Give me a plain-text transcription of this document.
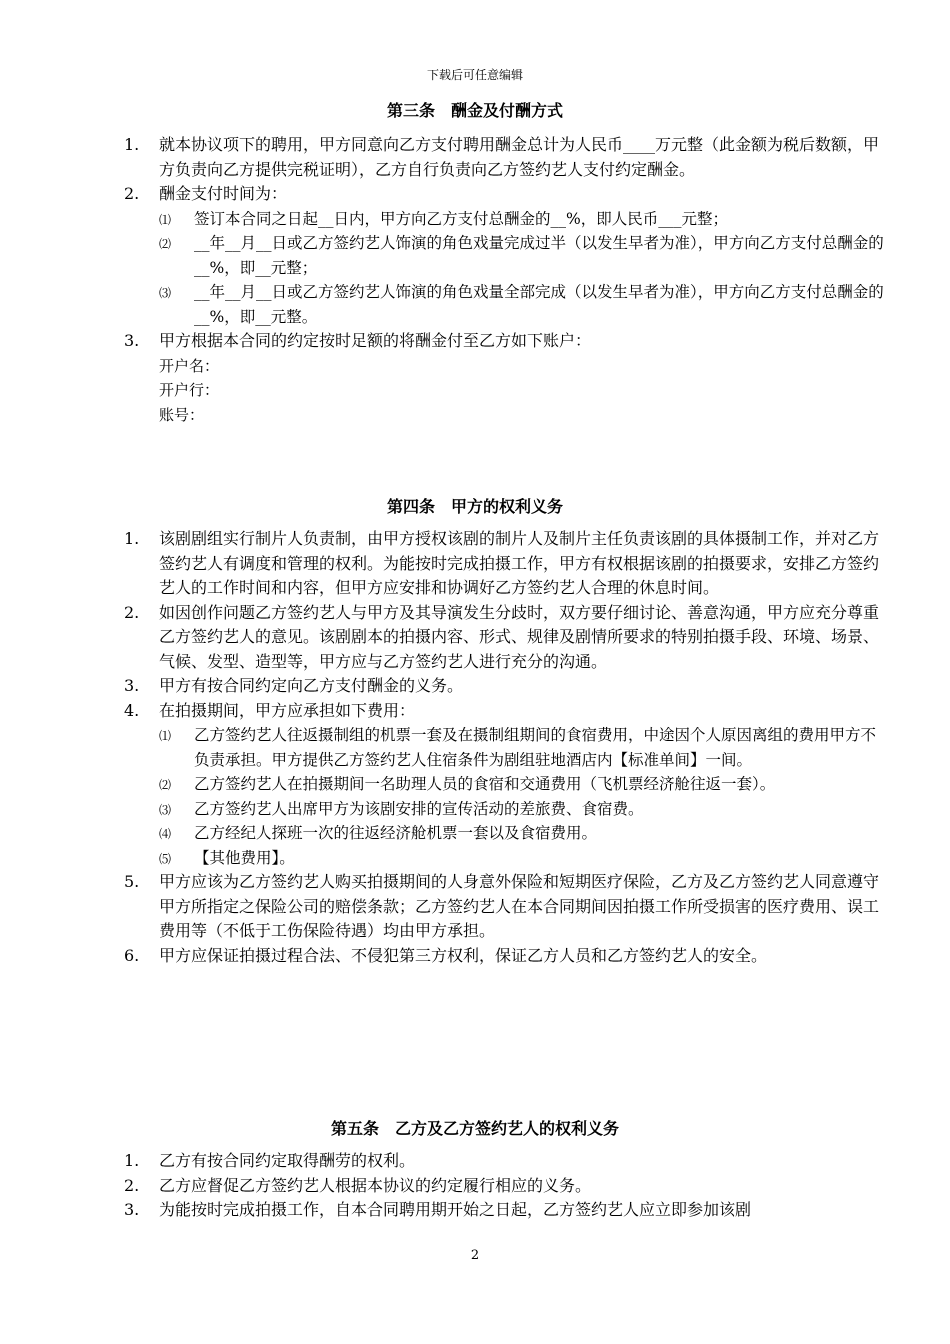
下载后可任意编辑
第三条　酬金及付酬方式
1. 就本协议项下的聘用，甲方同意向乙方支付聘用酬金总计为人民币____万元整（此金额为税后数额，甲方负责向乙方提供完税证明），乙方自行负责向乙方签约艺人支付约定酬金。
2. 酬金支付时间为：
⑴ 签订本合同之日起__日内，甲方向乙方支付总酬金的__%，即人民币___元整；
⑵ __年__月__日或乙方签约艺人饰演的角色戏量完成过半（以发生早者为准），甲方向乙方支付总酬金的__%，即__元整；
⑶ __年__月__日或乙方签约艺人饰演的角色戏量全部完成（以发生早者为准），甲方向乙方支付总酬金的__%，即__元整。
3. 甲方根据本合同的约定按时足额的将酬金付至乙方如下账户：
开户名：
开户行：
账号：
第四条　甲方的权利义务
1. 该剧剧组实行制片人负责制，由甲方授权该剧的制片人及制片主任负责该剧的具体摄制工作，并对乙方签约艺人有调度和管理的权利。为能按时完成拍摄工作，甲方有权根据该剧的拍摄要求，安排乙方签约艺人的工作时间和内容，但甲方应安排和协调好乙方签约艺人合理的休息时间。
2. 如因创作问题乙方签约艺人与甲方及其导演发生分歧时，双方要仔细讨论、善意沟通，甲方应充分尊重乙方签约艺人的意见。该剧剧本的拍摄内容、形式、规律及剧情所要求的特别拍摄手段、环境、场景、气候、发型、造型等，甲方应与乙方签约艺人进行充分的沟通。
3. 甲方有按合同约定向乙方支付酬金的义务。
4. 在拍摄期间，甲方应承担如下费用：
⑴ 乙方签约艺人往返摄制组的机票一套及在摄制组期间的食宿费用，中途因个人原因离组的费用甲方不负责承担。甲方提供乙方签约艺人住宿条件为剧组驻地酒店内【标准单间】一间。
⑵ 乙方签约艺人在拍摄期间一名助理人员的食宿和交通费用（飞机票经济舱往返一套）。
⑶ 乙方签约艺人出席甲方为该剧安排的宣传活动的差旅费、食宿费。
⑷ 乙方经纪人探班一次的往返经济舱机票一套以及食宿费用。
⑸ 【其他费用】。
5. 甲方应该为乙方签约艺人购买拍摄期间的人身意外保险和短期医疗保险，乙方及乙方签约艺人同意遵守甲方所指定之保险公司的赔偿条款；乙方签约艺人在本合同期间因拍摄工作所受损害的医疗费用、误工费用等（不低于工伤保险待遇）均由甲方承担。
6. 甲方应保证拍摄过程合法、不侵犯第三方权利，保证乙方人员和乙方签约艺人的安全。
第五条　乙方及乙方签约艺人的权利义务
1. 乙方有按合同约定取得酬劳的权利。
2. 乙方应督促乙方签约艺人根据本协议的约定履行相应的义务。
3. 为能按时完成拍摄工作，自本合同聘用期开始之日起，乙方签约艺人应立即参加该剧
2
